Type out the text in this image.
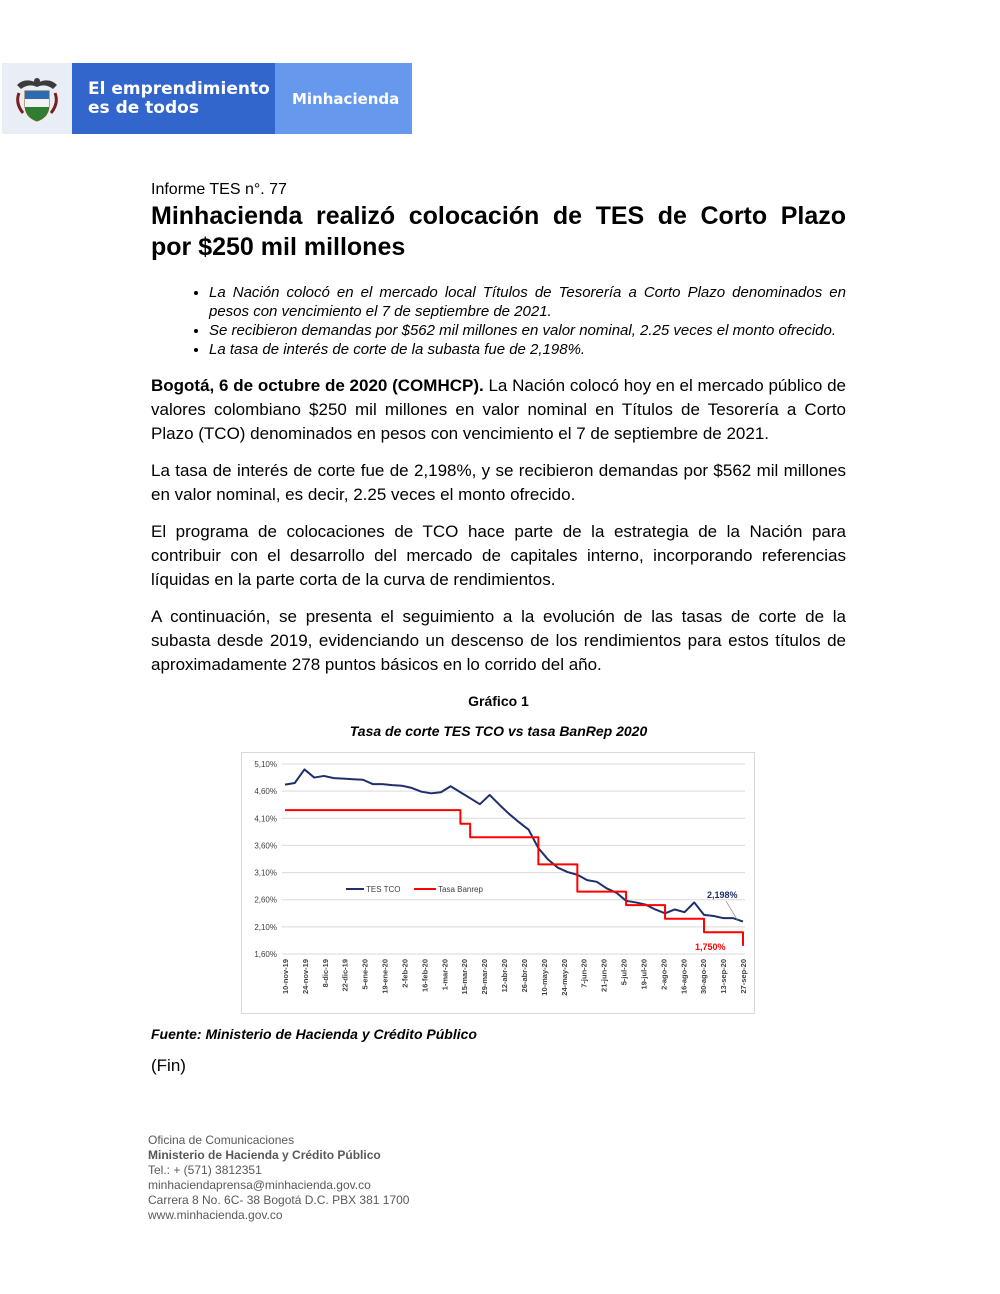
El emprendimiento
es de todos	Minhacienda
Informe TES n°. 77
Minhacienda realizó colocación de TES de Corto Plazo por $250 mil millones
• La Nación colocó en el mercado local Títulos de Tesorería a Corto Plazo denominados en pesos con vencimiento el 7 de septiembre de 2021.
• Se recibieron demandas por $562 mil millones en valor nominal, 2.25 veces el monto ofrecido.
• La tasa de interés de corte de la subasta fue de 2,198%.

Bogotá, 6 de octubre de 2020 (COMHCP). La Nación colocó hoy en el mercado público de valores colombiano $250 mil millones en valor nominal en Títulos de Tesorería a Corto Plazo (TCO) denominados en pesos con vencimiento el 7 de septiembre de 2021.

La tasa de interés de corte fue de 2,198%, y se recibieron demandas por $562 mil millones en valor nominal, es decir, 2.25 veces el monto ofrecido.

El programa de colocaciones de TCO hace parte de la estrategia de la Nación para contribuir con el desarrollo del mercado de capitales interno, incorporando referencias líquidas en la parte corta de la curva de rendimientos.

A continuación, se presenta el seguimiento a la evolución de las tasas de corte de la subasta desde 2019, evidenciando un descenso de los rendimientos para estos títulos de aproximadamente 278 puntos básicos en lo corrido del año.

Gráfico 1
Tasa de corte TES TCO vs tasa BanRep 2020
5,10%
4,60%
4,10%
3,60%
3,10%
2,60%
2,10%
1,60%
10-nov-19 24-nov-19 8-dic-19 22-dic-19 5-ene-20 19-ene-20 2-feb-20 16-feb-20 1-mar-20 15-mar-20 29-mar-20 12-abr-20 26-abr-20 10-may-20 24-may-20 7-jun-20 21-jun-20 5-jul-20 19-jul-20 2-ago-20 16-ago-20 30-ago-20 13-sep-20 27-sep-20
2,198%
1,750%
TES TCO	Tasa Banrep
Fuente: Ministerio de Hacienda y Crédito Público
(Fin)
Oficina de Comunicaciones
Ministerio de Hacienda y Crédito Público
Tel.: + (571) 3812351
minhaciendaprensa@minhacienda.gov.co
Carrera 8 No. 6C- 38 Bogotá D.C. PBX 381 1700
www.minhacienda.gov.co
